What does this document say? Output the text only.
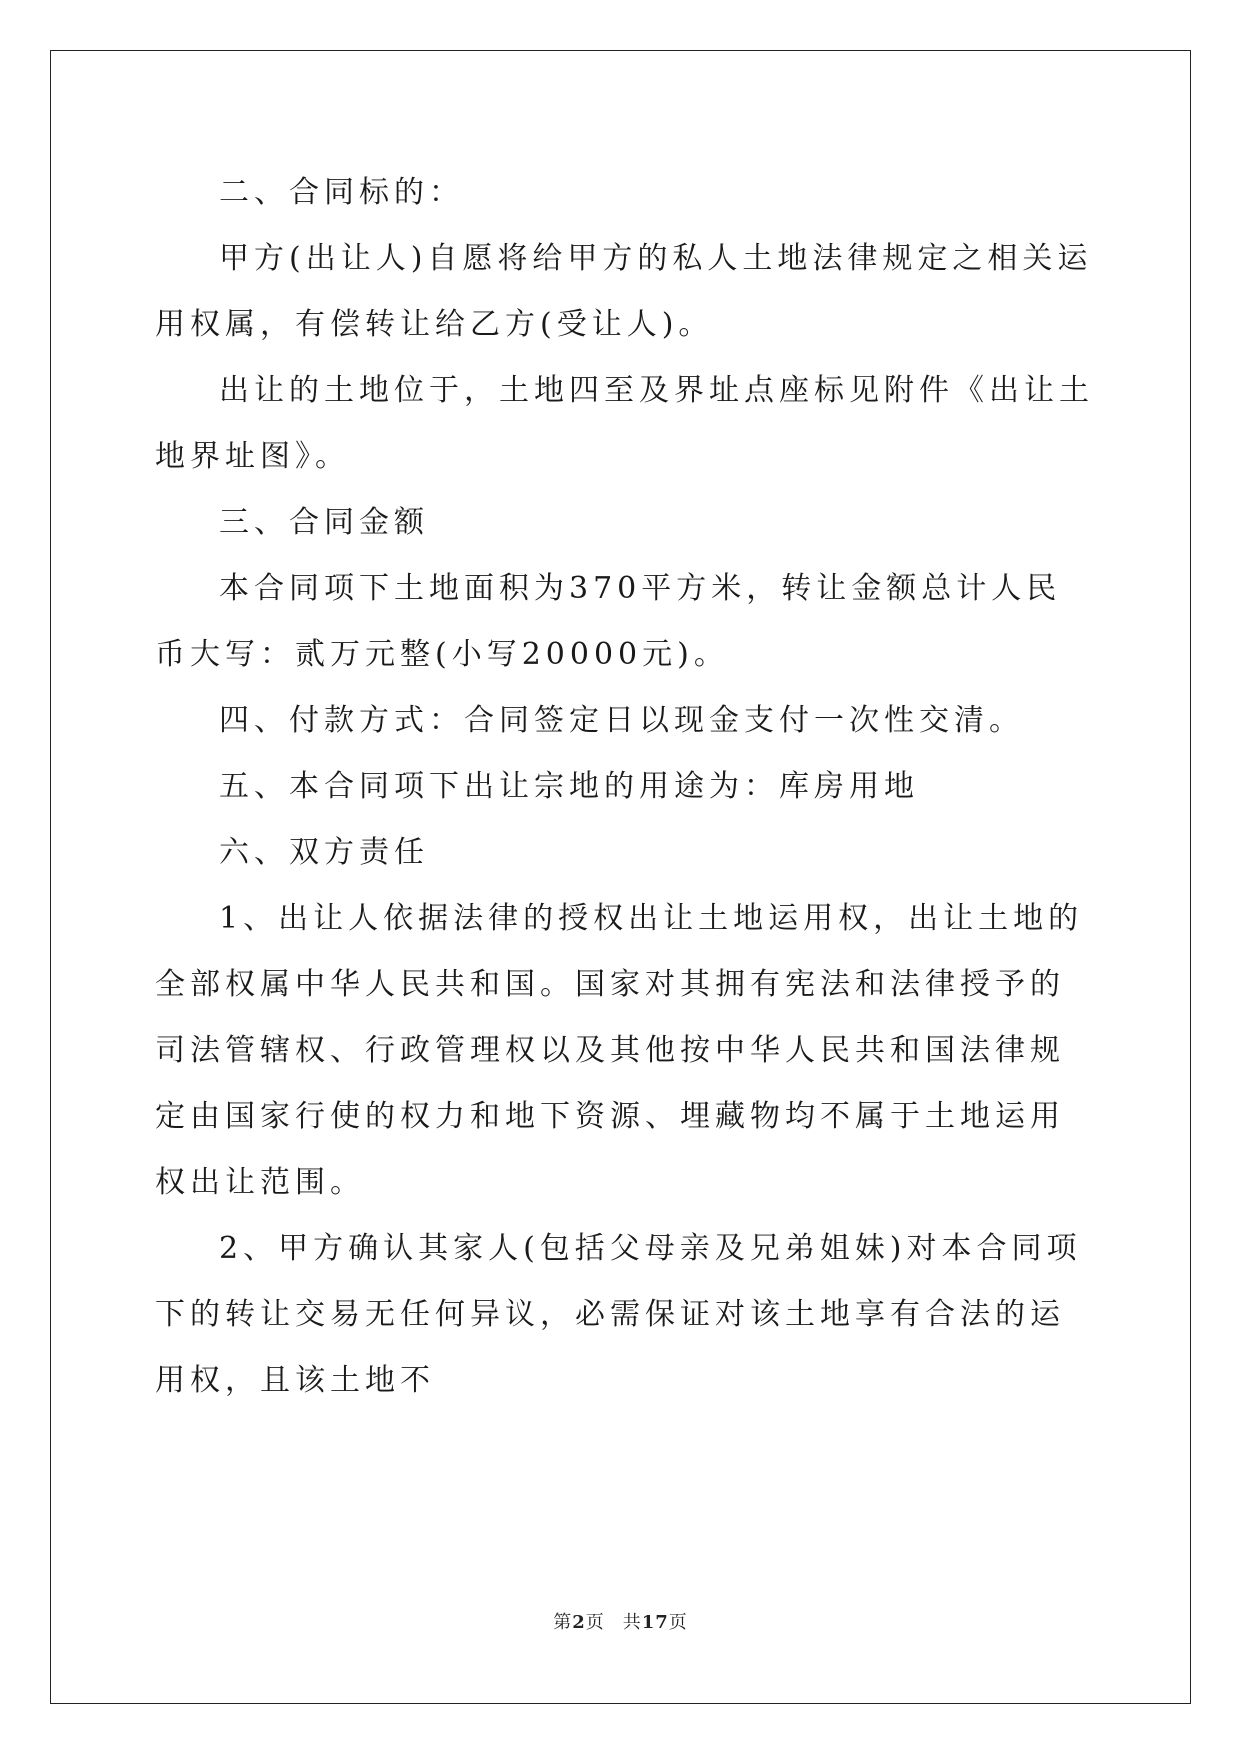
二、合同标的：

甲方(出让人)自愿将给甲方的私人土地法律规定之相关运用权属，有偿转让给乙方(受让人)。

出让的土地位于，土地四至及界址点座标见附件《出让土地界址图》。

三、合同金额

本合同项下土地面积为370平方米，转让金额总计人民币大写：贰万元整(小写20000元)。

四、付款方式：合同签定日以现金支付一次性交清。

五、本合同项下出让宗地的用途为：库房用地

六、双方责任

1、出让人依据法律的授权出让土地运用权，出让土地的全部权属中华人民共和国。国家对其拥有宪法和法律授予的司法管辖权、行政管理权以及其他按中华人民共和国法律规定由国家行使的权力和地下资源、埋藏物均不属于土地运用权出让范围。

2、甲方确认其家人(包括父母亲及兄弟姐妹)对本合同项下的转让交易无任何异议，必需保证对该土地享有合法的运用权，且该土地不

第2页 共17页
